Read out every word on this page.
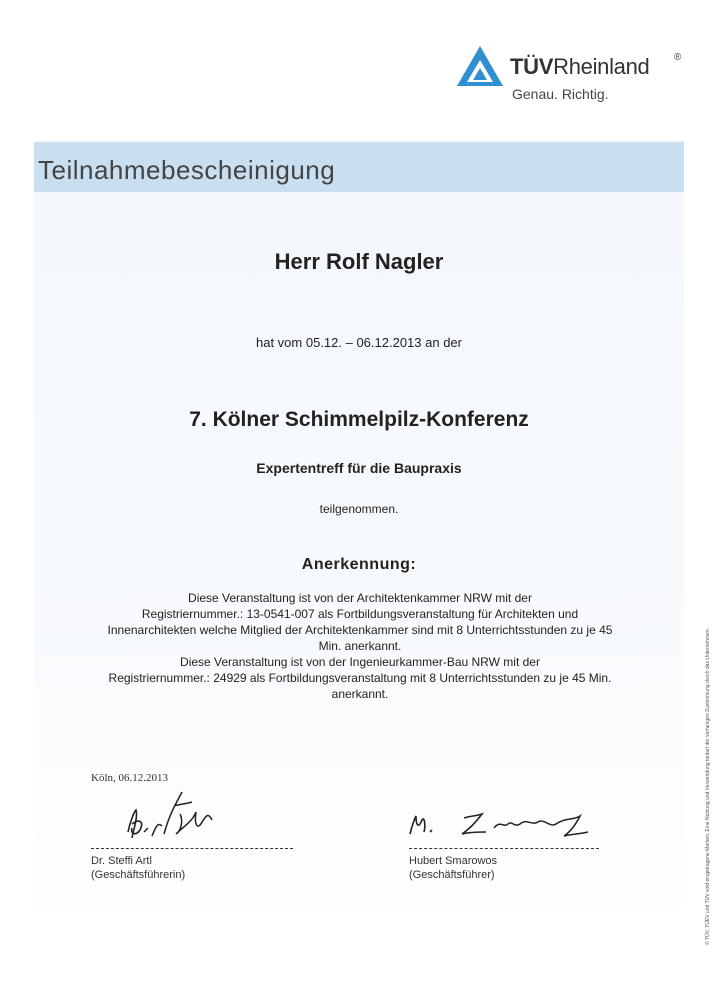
TÜVRheinland ®
Genau. Richtig.
Teilnahmebescheinigung
Herr Rolf Nagler
hat vom 05.12. – 06.12.2013 an der
7. Kölner Schimmelpilz-Konferenz
Expertentreff für die Baupraxis
teilgenommen.
Anerkennung:
Diese Veranstaltung ist von der Architektenkammer NRW mit der
Registriernummer.: 13-0541-007 als Fortbildungsveranstaltung für Architekten und
Innenarchitekten welche Mitglied der Architektenkammer sind mit 8 Unterrichtsstunden zu je 45
Min. anerkannt.
Diese Veranstaltung ist von der Ingenieurkammer-Bau NRW mit der
Registriernummer.: 24929 als Fortbildungsveranstaltung mit 8 Unterrichtsstunden zu je 45 Min.
anerkannt.
Köln, 06.12.2013
Dr. Steffi Artl
(Geschäftsführerin)
Hubert Smarowos
(Geschäftsführer)	© TÜV, TÜEV und TUV sind eingetragene Marken. Eine Nutzung und Verwendung bedarf der vorherigen Zustimmung durch das Unternehmen.
